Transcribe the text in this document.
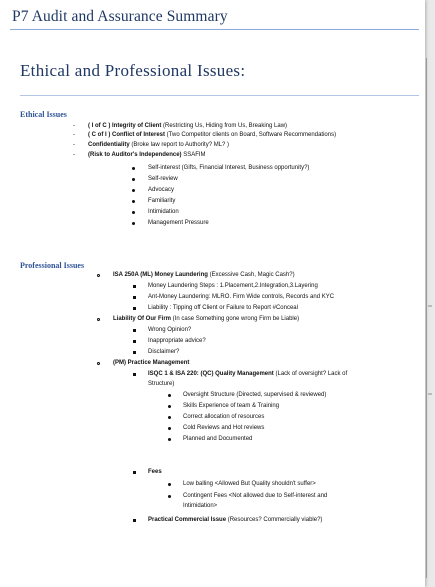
P7 Audit and Assurance Summary
Ethical and Professional Issues:
Ethical Issues
- ( I of C ) Integrity of Client (Restricting Us, Hiding from Us, Breaking Law)
- ( C of I ) Conflict of Interest (Two Competitor clients on Board, Software Recommendations)
- Confidentiality (Broke law report to Authority? ML? )
- (Risk to Auditor's Independence) SSAFIM
Self-interest (Gifts, Financial Interest, Business opportunity?)
Self-review
Advocacy
Familiarity
Intimidation
Management Pressure
Professional Issues
ISA 250A (ML) Money Laundering (Excessive Cash, Magic Cash?)
Money Laundering Steps : 1.Placement,2.Integration,3.Layering
Ant-Money Laundering: MLRO. Firm Wide controls, Records and KYC
Liability : Tipping off Client or Failure to Report #Conceal
Liability Of Our Firm (In case Something gone wrong Firm be Liable)
Wrong Opinion?
Inappropriate advice?
Disclaimer?
(PM) Practice Management
ISQC 1 & ISA 220: (QC) Quality Management (Lack of oversight? Lack of
Structure)
Oversight Structure (Directed, supervised & reviewed)
Skills Experience of team & Training
Correct allocation of resources
Cold Reviews and Hot reviews
Planned and Documented
Fees
Low balling <Allowed But Quality shouldn't suffer>
Contingent Fees <Not allowed due to Self-interest and
Intimidation>
Practical Commercial Issue (Resources? Commercially viable?)
